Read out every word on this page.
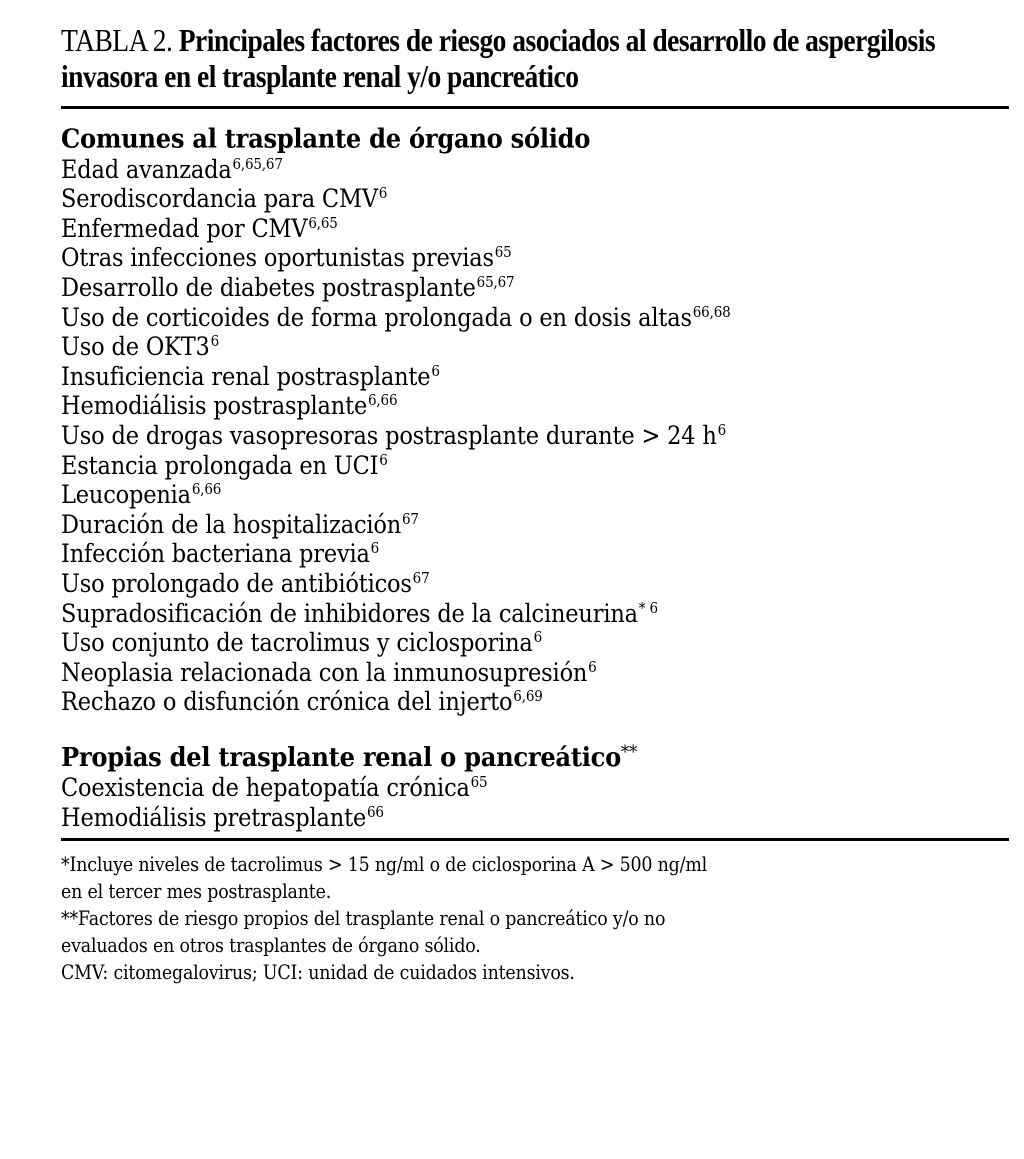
TABLA 2. Principales factores de riesgo asociados al desarrollo de aspergilosis invasora en el trasplante renal y/o pancreático
Comunes al trasplante de órgano sólido
Edad avanzada$^{6,65,67}$
Serodiscordancia para CMV$^6$
Enfermedad por CMV$^{6,65}$
Otras infecciones oportunistas previas$^{65}$
Desarrollo de diabetes postrasplante$^{65,67}$
Uso de corticoides de forma prolongada o en dosis altas$^{66,68}$
Uso de $OKT3^6$
Insuficiencia renal postrasplante$^6$
Hemodiálisis postrasplante$^{6,66}$
Uso de drogas vasopresoras postrasplante durante > 24 $h^6$
Estancia prolongada en UCI$^6$
Leucopenia$^{6,66}$
Duración de la hospitalización$^{67}$
Infección bacteriana previa$^6$
Uso prolongado de antibióticos$^{67}$
Supradosificación de inhibidores de la calcineurina$^{* 6}$
Uso conjunto de tacrolimus y ciclosporina$^6$
Neoplasia relacionada con la inmunosupresión$^6$
Rechazo o disfunción crónica del injerto$^{6,69}$
Propias del trasplante renal o pancreático**
Coexistencia de hepatopatía crónica$^{65}$
Hemodiálisis pretrasplante$^{66}$
*Incluye niveles de tacrolimus > 15 ng/ml o de ciclosporina A > 500 ng/ml
en el tercer mes postrasplante.
**Factores de riesgo propios del trasplante renal o pancreático y/o no
evaluados en otros trasplantes de órgano sólido.
CMV: citomegalovirus; UCI: unidad de cuidados intensivos.
